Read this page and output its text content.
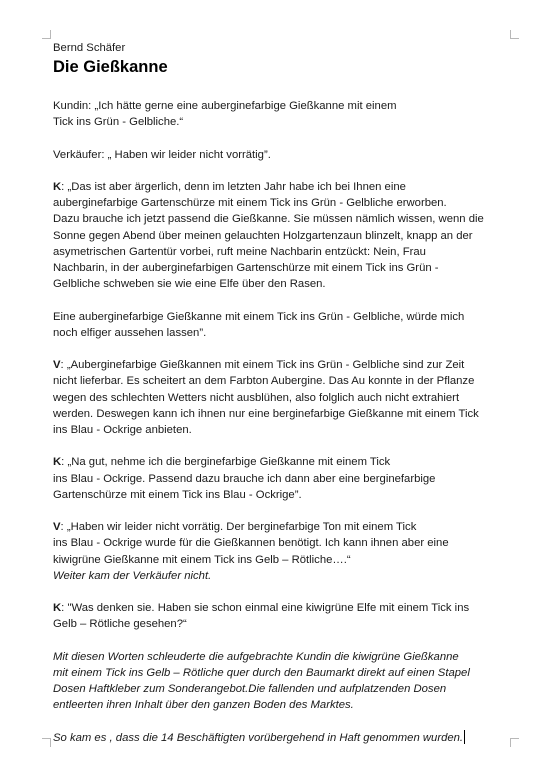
Bernd Schäfer

Die Gießkanne
Kundin: „Ich hätte gerne eine auberginefarbige Gießkanne mit einem
Tick ins Grün - Gelbliche.“
Verkäufer: „ Haben wir leider nicht vorrätig”.
K: „Das ist aber ärgerlich, denn im letzten Jahr habe ich bei Ihnen eine
auberginefarbige Gartenschürze mit einem Tick ins Grün - Gelbliche erworben.
Dazu brauche ich jetzt passend die Gießkanne. Sie müssen nämlich wissen, wenn die
Sonne gegen Abend über meinen gelauchten Holzgartenzaun blinzelt, knapp an der
asymetrischen Gartentür vorbei, ruft meine Nachbarin entzückt: Nein, Frau
Nachbarin, in der auberginefarbigen Gartenschürze mit einem Tick ins Grün -
Gelbliche schweben sie wie eine Elfe über den Rasen.
Eine auberginefarbige Gießkanne mit einem Tick ins Grün - Gelbliche, würde mich
noch elfiger aussehen lassen”.
V: „Auberginefarbige Gießkannen mit einem Tick ins Grün - Gelbliche sind zur Zeit
nicht lieferbar. Es scheitert an dem Farbton Aubergine. Das Au konnte in der Pflanze
wegen des schlechten Wetters nicht ausblühen, also folglich auch nicht extrahiert
werden. Deswegen kann ich ihnen nur eine berginefarbige Gießkanne mit einem Tick
ins Blau - Ockrige anbieten.
K: „Na gut, nehme ich die berginefarbige Gießkanne mit einem Tick
ins Blau - Ockrige. Passend dazu brauche ich dann aber eine berginefarbige
Gartenschürze mit einem Tick ins Blau - Ockrige”.
V: „Haben wir leider nicht vorrätig. Der berginefarbige Ton mit einem Tick
ins Blau - Ockrige wurde für die Gießkannen benötigt. Ich kann ihnen aber eine
kiwigrüne Gießkanne mit einem Tick ins Gelb – Rötliche….“
Weiter kam der Verkäufer nicht.
K: "Was denken sie. Haben sie schon einmal eine kiwigrüne Elfe mit einem Tick ins
Gelb – Rötliche gesehen?“
Mit diesen Worten schleuderte die aufgebrachte Kundin die kiwigrüne Gießkanne
mit einem Tick ins Gelb – Rötliche quer durch den Baumarkt direkt auf einen Stapel
Dosen Haftkleber zum Sonderangebot.Die fallenden und aufplatzenden Dosen
entleerten ihren Inhalt über den ganzen Boden des Marktes.
So kam es , dass die 14 Beschäftigten vorübergehend in Haft genommen wurden.
